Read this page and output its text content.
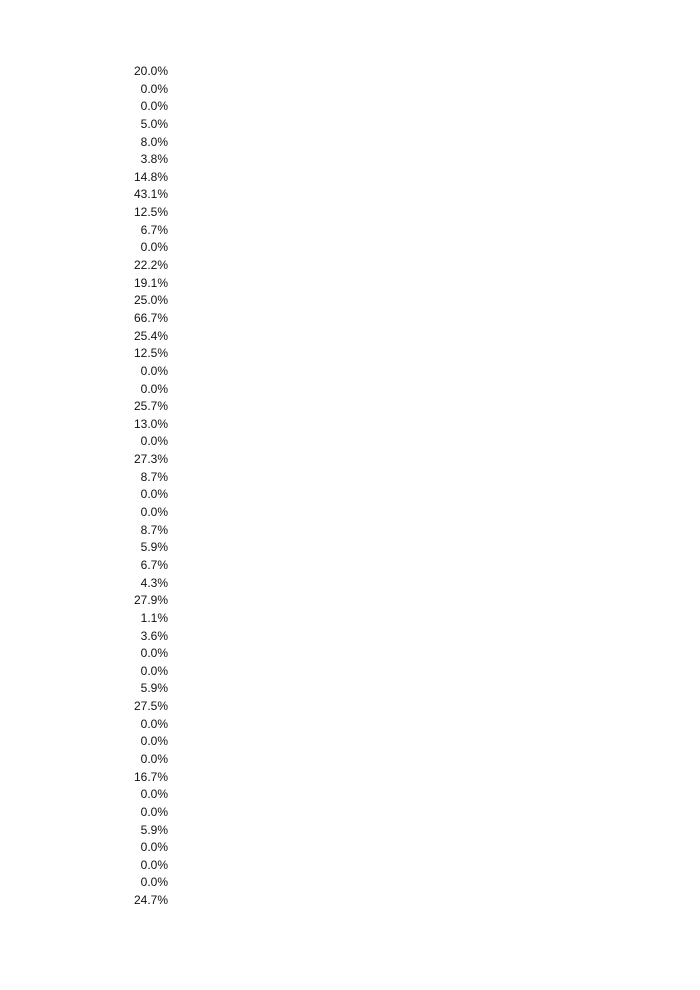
20.0%
0.0%
0.0%
5.0%
8.0%
3.8%
14.8%
43.1%
12.5%
6.7%
0.0%
22.2%
19.1%
25.0%
66.7%
25.4%
12.5%
0.0%
0.0%
25.7%
13.0%
0.0%
27.3%
8.7%
0.0%
0.0%
8.7%
5.9%
6.7%
4.3%
27.9%
1.1%
3.6%
0.0%
0.0%
5.9%
27.5%
0.0%
0.0%
0.0%
16.7%
0.0%
0.0%
5.9%
0.0%
0.0%
0.0%
24.7%
